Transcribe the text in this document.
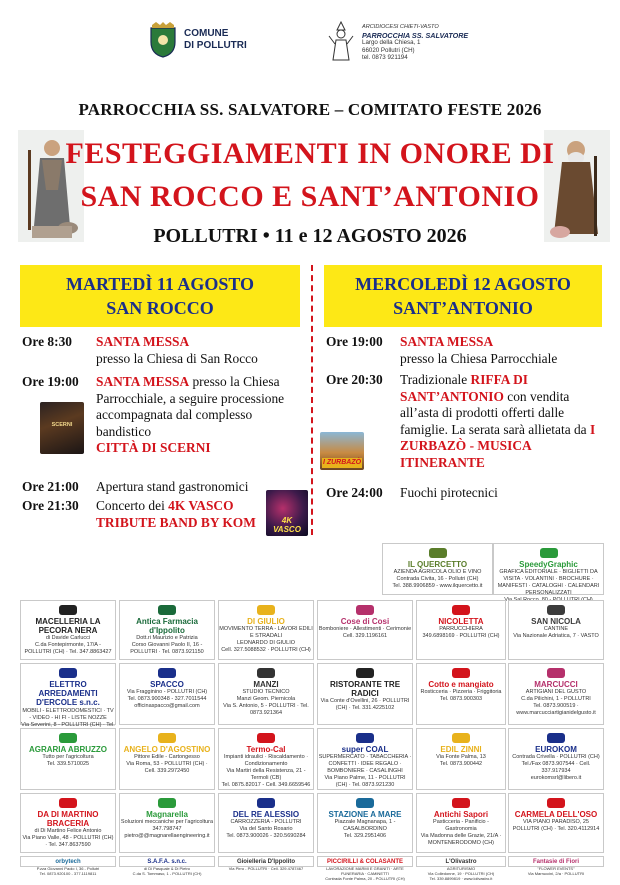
COMUNE
DI POLLUTRI
ARCIDIOCESI CHIETI-VASTO
PARROCCHIA SS. SALVATORE
Largo della Chiesa, 1
66020 Pollutri (CH)
tel. 0873 921194
PARROCCHIA SS. SALVATORE – COMITATO FESTE 2026
FESTEGGIAMENTI IN ONORE DI
SAN ROCCO E SANT’ANTONIO
POLLUTRI • 11 e 12 AGOSTO 2026
MARTEDÌ 11 AGOSTO
SAN ROCCO
MERCOLEDÌ 12 AGOSTO
SANT’ANTONIO
Ore 8:30 SANTA MESSA
presso la Chiesa di San Rocco
Ore 19:00 SANTA MESSA presso la Chiesa Parrocchiale, a seguire processione accompagnata dal complesso bandistico
CITTÀ DI SCERNI
Ore 21:00 Apertura stand gastronomici
Ore 21:30 Concerto dei 4K VASCO TRIBUTE BAND BY KOM
SCERNI
4K VASCO
Ore 19:00 SANTA MESSA
presso la Chiesa Parrocchiale
Ore 20:30 Tradizionale RIFFA DI SANT’ANTONIO con vendita all’asta di prodotti offerti dalle famiglie. La serata sarà allietata da I ZURBAZÒ - MUSICA ITINERANTE
Ore 24:00 Fuochi pirotecnici
I ZURBAZÒ
IL QUERCETTO
AZIENDA AGRICOLA OLIO E VINO
Contrada Civita, 16 - Pollutri (CH)
Tel. 388.9906859 - www.ilquercetto.it
SpeedyGraphic
GRAFICA EDITORIALE · BIGLIETTI DA VISITA · VOLANTINI · BROCHURE · MANIFESTI · CATALOGHI · CALENDARI PERSONALIZZATI
MACELLERIA LA PECORA NERA
di Davide Carlucci
C.da Fontepirmonte, 17/A - POLLUTRI (CH) · Tel. 347.8863427
Antica Farmacia d'Ippolito
Dott.ri Maurizio e Patrizia
Corso Giovanni Paolo II, 16 - POLLUTRI · Tel. 0873.921150
DI GIULIO
MOVIMENTO TERRA - LAVORI EDILI E STRADALI
LEONARDO DI GIULIO
Cell. 327.5088532 · POLLUTRI (CH)
Cose di Cosi
Bomboniere · Allestimenti · Cerimonie
Cell. 329.1196161
NICOLETTA
PARRUCCHIERA
349.6898169 · POLLUTRI (CH)
SAN NICOLA
CANTINE
Via Nazionale Adriatica, 7 · VASTO
ELETTRO ARREDAMENTI D'ERCOLE s.n.c.
MOBILI - ELETTRODOMESTICI · TV - VIDEO - HI FI - LISTE NOZZE
Via Severini, 8 - POLLUTRI (CH) · Tel.
SPACCO
Via Fragginino - POLLUTRI (CH)
Tel. 0873.900348 - 327.7011544
officinaspacco@gmail.com
MANZI
STUDIO TECNICO
Manzi Geom. Piernicola
Via S. Antonio, 5 - POLLUTRI · Tel. 0873.921364
RISTORANTE TRE RADICI
Via Conte d'Ovellini, 26 · POLLUTRI (CH) · Tel. 331.4225102
Cotto e mangiato
Rosticceria · Pizzeria · Friggitoria
Tel. 0873.900303
MARCUCCI
ARTIGIANI DEL GUSTO
C.da Pilichini, 1 - POLLUTRI
Tel. 0873.900519 · www.marcucciartigianidelgusto.it
AGRARIA ABRUZZO
Tutto per l'agricoltura
Tel. 339.5710025
ANGELO D'AGOSTINO
Pittore Edile - Cartongesso
Via Roma, 53 - POLLUTRI (CH) · Cell. 339.2972450
Termo-Cal
Impianti idraulici · Riscaldamento · Condizionamento
Via Martiri della Resistenza, 21 - Termoli (CB)
Tel. 0875.82017 - Cell. 349.6659546
super COAL
SUPERMERCATO · TABACCHERIA · CONFETTI · IDEE REGALO · BOMBONIERE · CASALINGHI
Via Piano Palme, 11 - POLLUTRI (CH) · Tel. 0873.921230
EDIL ZINNI
Via Fonte Palma, 13
Tel. 0873.900442
EUROKOM
Contrada Crivella · POLLUTRI (CH)
Tel./Fax 0873.907544 · Cell. 337.917934
eurokomsrl@libero.it
DA DI MARTINO BRACERIA
di Di Martino Felice Antonio
Via Piano Valle, 48 - POLLUTRI (CH) · Tel. 347.8637590
Magnarella
Soluzioni meccaniche per l'agricoltura
347.798747
pietro@@magnarellaengineering.it
DEL RE ALESSIO
CARROZZERIA - POLLUTRI
Via del Santo Rosario
Tel. 0873.900026 - 320.5690284
STAZIONE A MARE
Piazzale Magnanapa, 1 - CASALBORDINO
Tel. 329.2951406
Antichi Sapori
Pasticceria - Panificio - Gastronomia
Via Madonna delle Grazie, 21/A · MONTENERODOMO (CH)
CARMELA DELL'OSO
VIA PIANO PARADISO, 25
POLLUTRI (CH) · Tel. 320.4112914
orbytech
P.zza Giovanni Paolo I, 36 - Pollutri
Tel. 0873.920100 - 377.1119811
S.A.F.A. s.n.c.
di Di Pasquale & Di Pietro
C.da S. Tommaso, 1 - POLLUTRI (CH)
Gioielleria D'Ippolito
Via Pirro - POLLUTRI · Cell. 329.4787467
PICCIRILLI & COLASANTE
LAVORAZIONE MARMI E GRANITI · ARTE FUNERARIA · CAMINETTI
Contrada Fonte Palma, 20 - POLLUTRI (CH)
L'Olivastro
AGRITURISMO
Via Colledonne, 19 · POLLUTRI (CH)
Tel. 339.8899819 · www.lolivastro.it
Fantasie di Fiori
"FLOWER EVENTS"
Via Marruccini, 2/a · POLLUTRI
